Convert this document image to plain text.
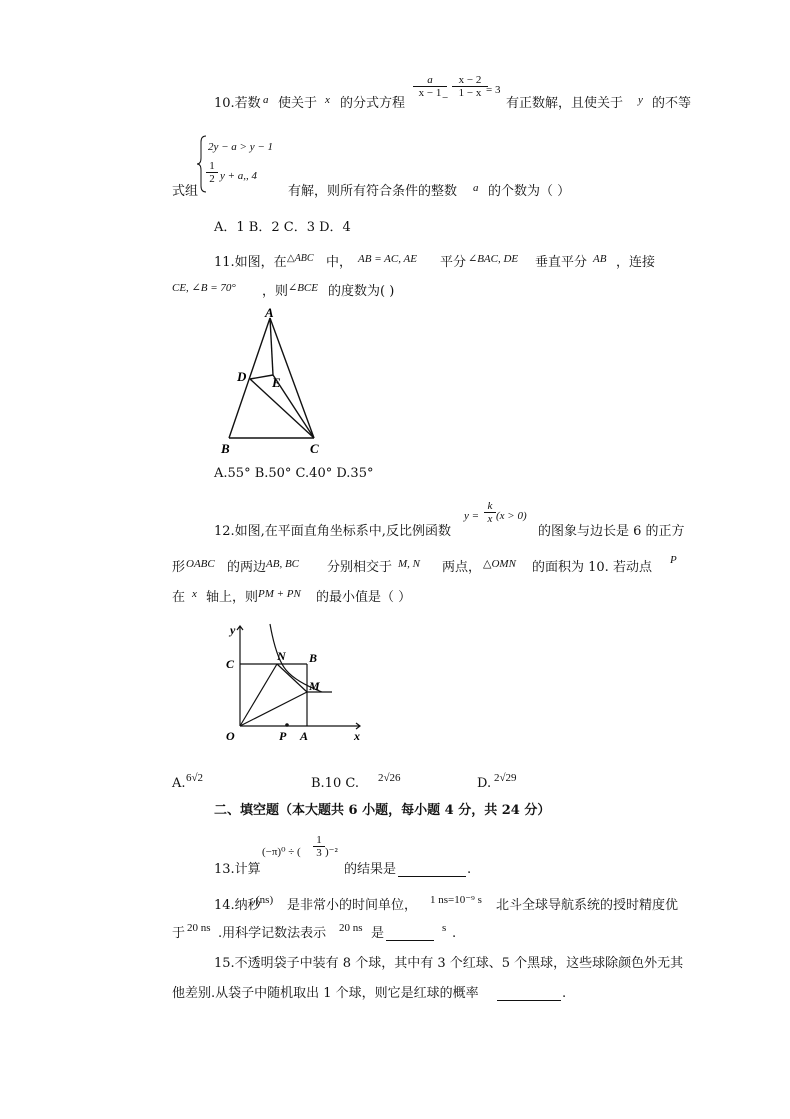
10.若数 a 使关于 x 的分式方程
$\frac{a}{x - 1}$
− $\frac{x - 2}{1 - x}$
= 3
有正数解，且使关于 y 的不等
2y − a > y − 1
$\frac{1}{2}$ y + a,, 4
式组	有解，则所有符合条件的整数 a 的个数为（ ）
A．1 B．2 C．3 D．4
11.如图，在 △ABC 中， AB = AC, AE 平分 ∠BAC, DE 垂直平分 AB ，连接
CE, ∠B = 70° ，则 ∠BCE 的度数为( )
A
D E
B	C
A.55° B.50° C.40° D.35°
12.如图,在平面直角坐标系中,反比例函数
$y = \frac{k}{x} (x > 0)$
的图象与边长是 6 的正方
形 OABC 的两边 AB, BC 分别相交于 M, N 两点， △OMN 的面积为 10. 若动点 P
在 x 轴上，则 PM + PN 的最小值是（ ）
y
x
C
N B
M
O	P A
A. 6√2	B.10 C. 2√26	D. 2√29
二、填空题（本大题共 6 小题，每小题 4 分，共 24 分）
13.计算
(−π)⁰ ÷ ( $\frac{1}{3} )^{-2}$
的结果是	.
14.纳秒
(ns) 是非常小的时间单位， 1 ns=10⁻⁹ s 北斗全球导航系统的授时精度优
于 20 ns .用科学记数法表示 20 ns 是	s .
15.不透明袋子中装有 8 个球，其中有 3 个红球、5 个黑球，这些球除颜色外无其
他差别.从袋子中随机取出 1 个球，则它是红球的概率	.
